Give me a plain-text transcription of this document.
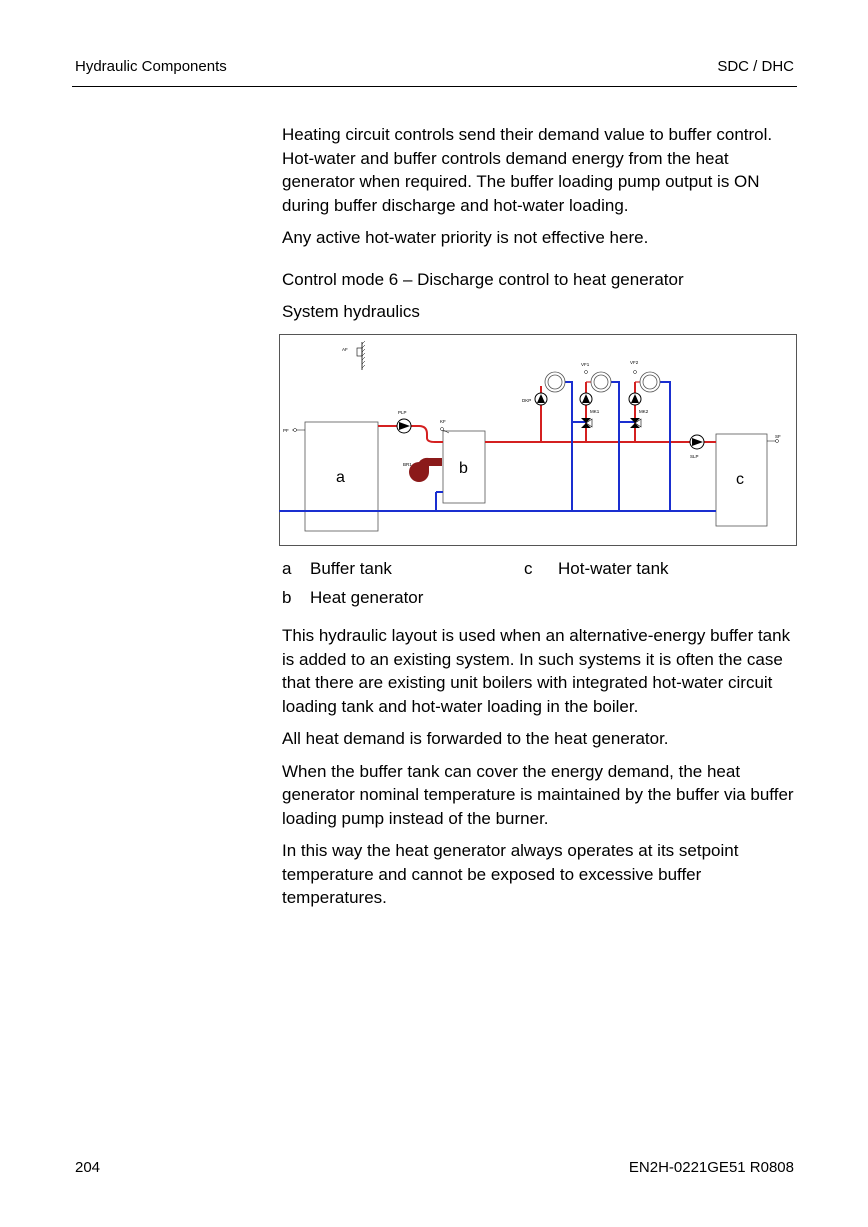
Hydraulic Components	SDC / DHC

Heating circuit controls send their demand value to buffer control. Hot-water and buffer controls demand energy from the heat generator when required. The buffer loading pump output is ON during buffer discharge and hot-water loading.

Any active hot-water priority is not effective here.

Control mode 6 – Discharge control to heat generator

System hydraulics

AF
a
PF
b
KF
BR1
c
SF
VF1	VF2
PLP
DKP
SLP
MK1	MK2
a Buffer tank	c Hot-water tank
b Heat generator

This hydraulic layout is used when an alternative-energy buffer tank is added to an existing system. In such systems it is often the case that there are existing unit boilers with integrated hot-water circuit loading tank and hot-water loading in the boiler.

All heat demand is forwarded to the heat generator.

When the buffer tank can cover the energy demand, the heat generator nominal temperature is maintained by the buffer via buffer loading pump instead of the burner.

In this way the heat generator always operates at its setpoint temperature and cannot be exposed to excessive buffer temperatures.

204	EN2H-0221GE51 R0808
